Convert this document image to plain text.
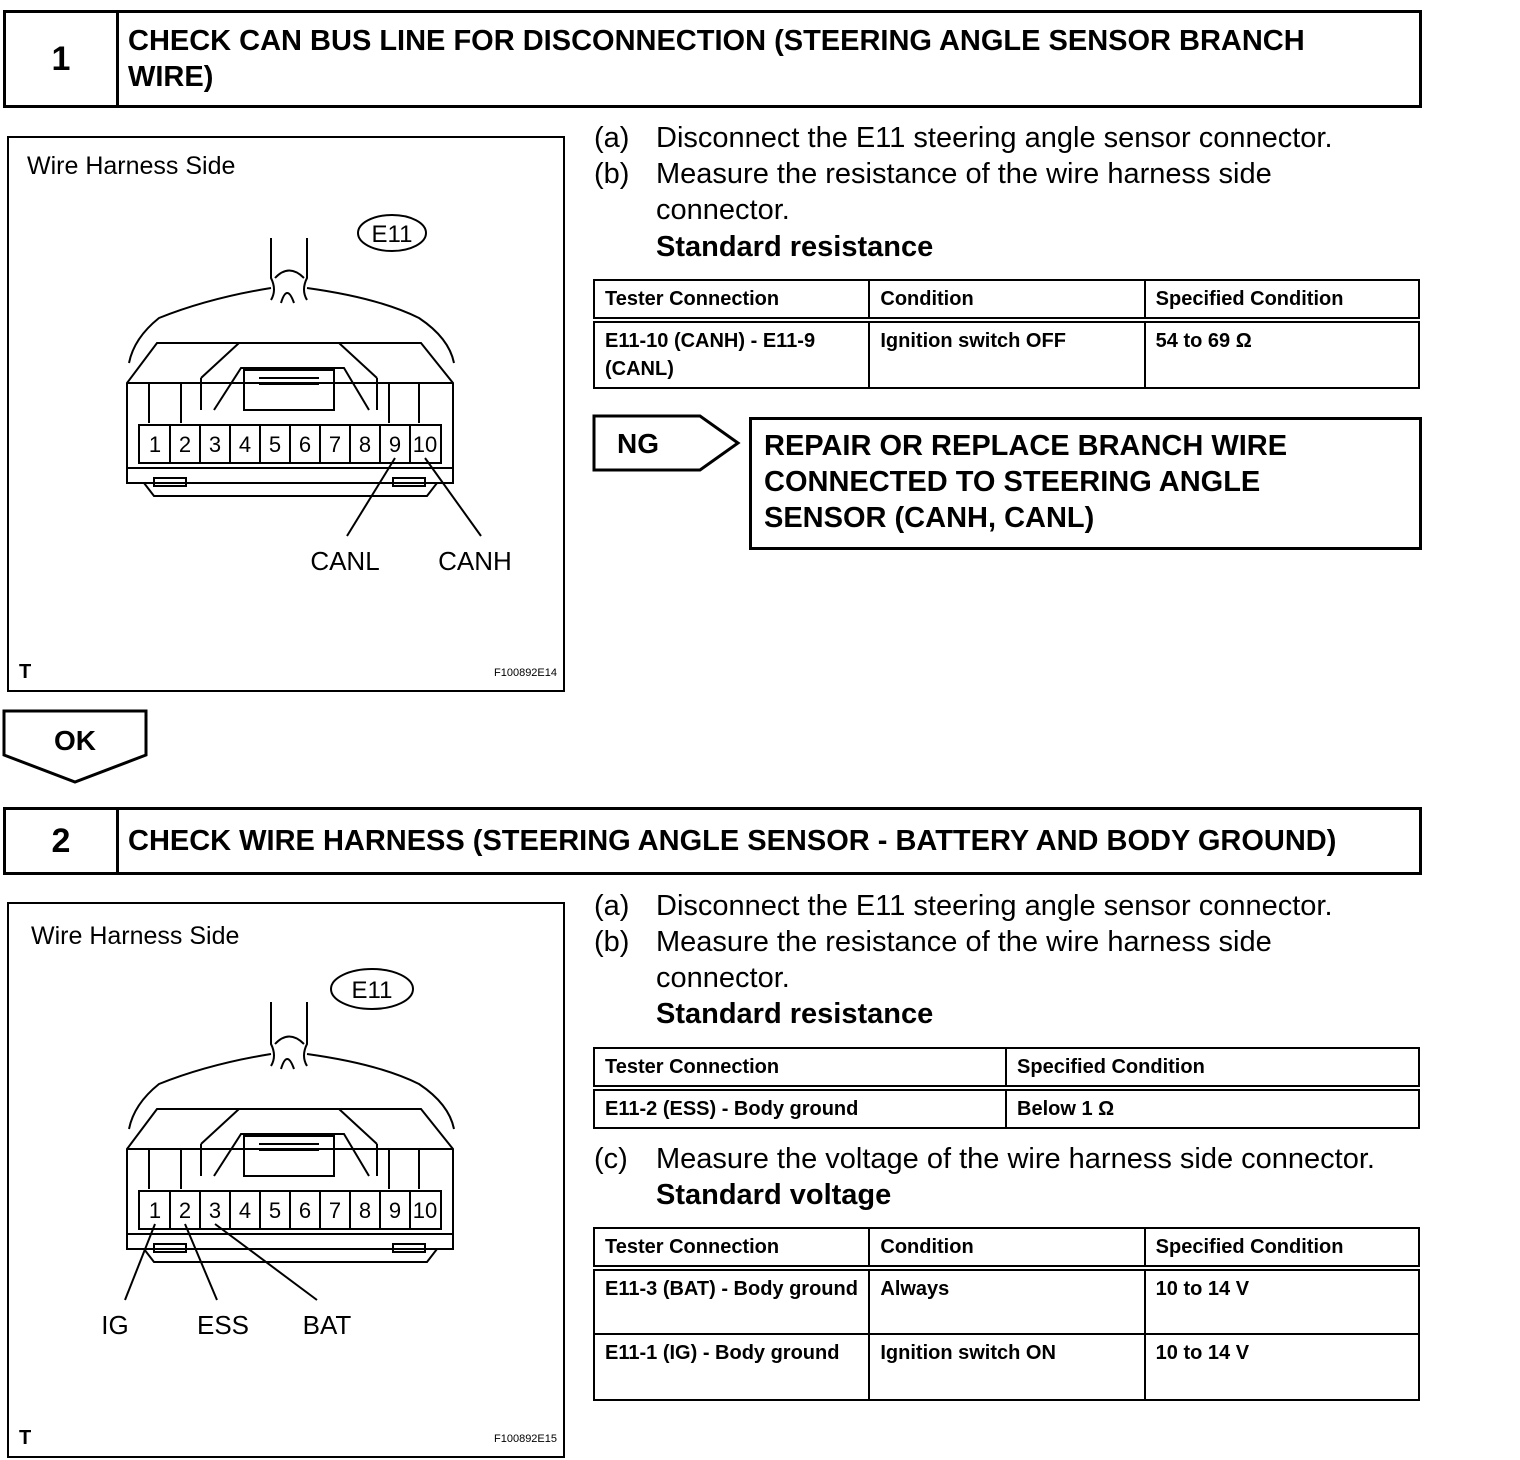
1	CHECK CAN BUS LINE FOR DISCONNECTION (STEERING ANGLE SENSOR BRANCH
WIRE)
Wire Harness Side
E11
1 2 3 4 5 6 7 8 9 10
CANL CANH
T	F100892E14
(a) Disconnect the E11 steering angle sensor connector.
(b) Measure the resistance of the wire harness side
connector.
Standard resistance
Tester Connection	Condition	Specified Condition
E11-10 (CANH) - E11-9 (CANL)	Ignition switch OFF	54 to 69 Ω
NG	REPAIR OR REPLACE BRANCH WIRE
CONNECTED TO STEERING ANGLE
SENSOR (CANH, CANL)
OK
2	CHECK WIRE HARNESS (STEERING ANGLE SENSOR - BATTERY AND BODY GROUND)
Wire Harness Side
E11
1 2 3 4 5 6 7 8 9 10
IG	ESS BAT
T	F100892E15
(a) Disconnect the E11 steering angle sensor connector.
(b) Measure the resistance of the wire harness side
connector.
Standard resistance
Tester Connection	Specified Condition
E11-2 (ESS) - Body ground	Below 1 Ω
(c) Measure the voltage of the wire harness side connector.
Standard voltage
Tester Connection	Condition	Specified Condition
E11-3 (BAT) - Body ground	Always	10 to 14 V
E11-1 (IG) - Body ground	Ignition switch ON	10 to 14 V
